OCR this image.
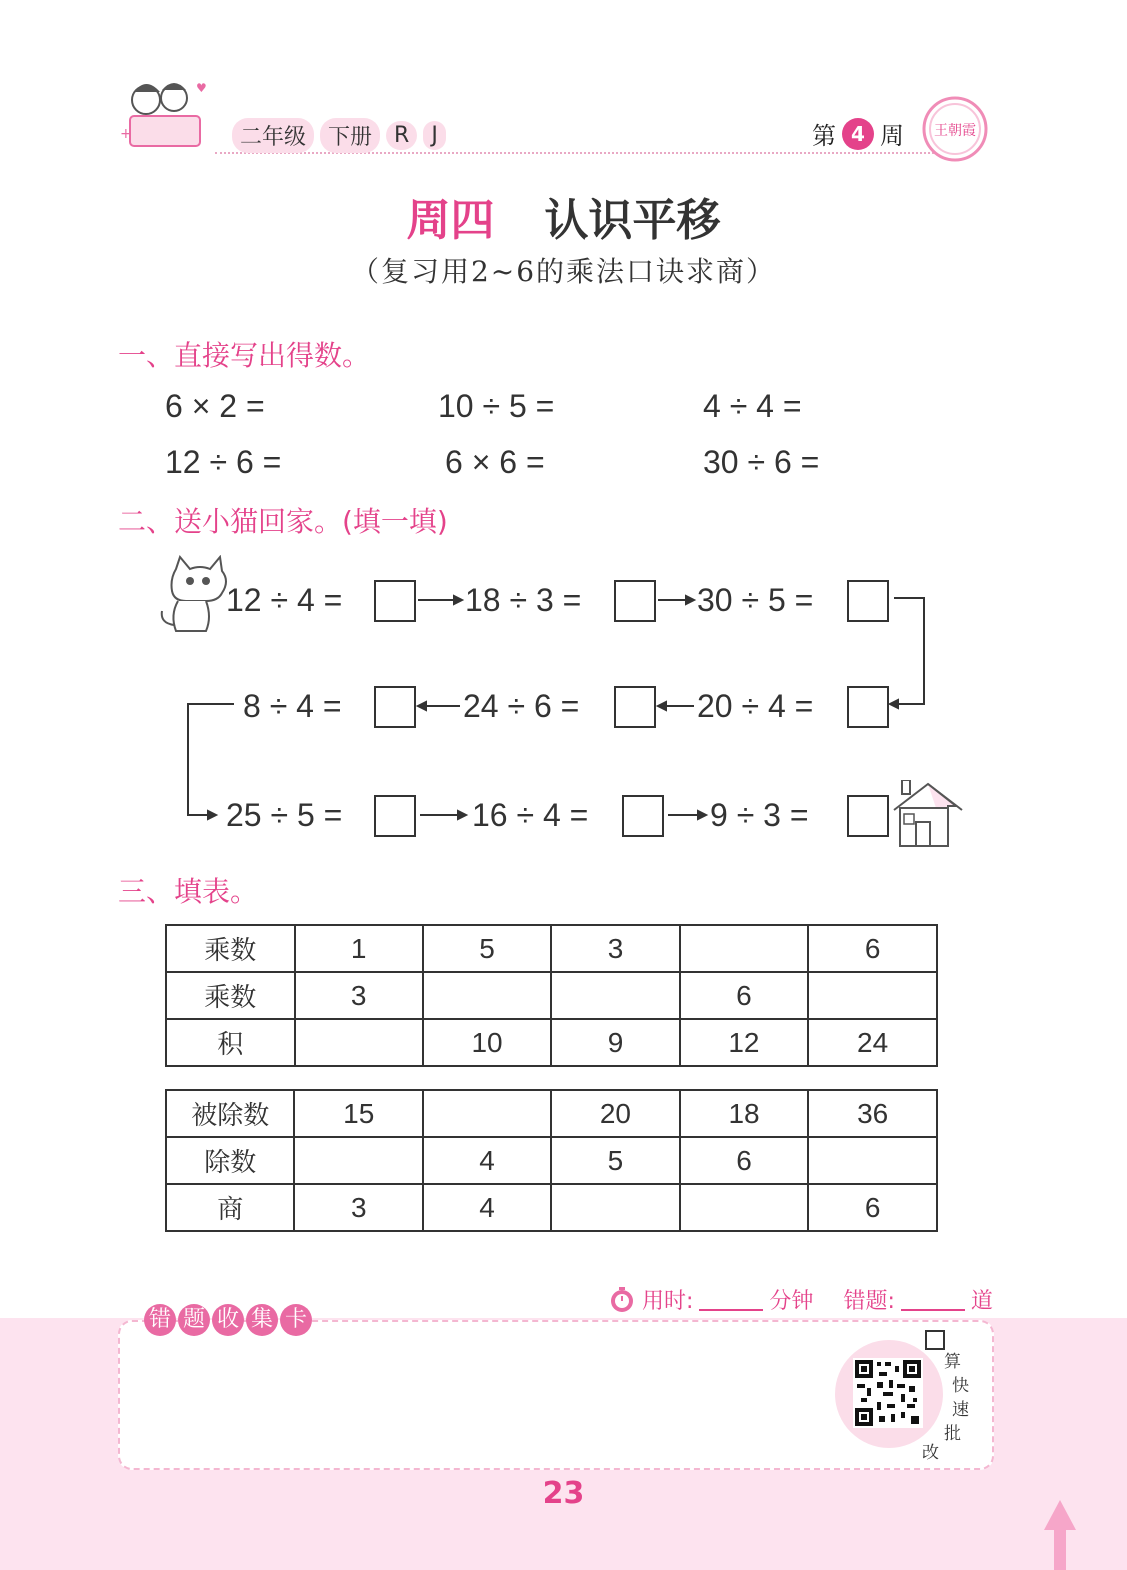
+
♥
二年级	下册	R	J	第 4 周 王朝霞
周四 认识平移
（复习用2~6的乘法口诀求商）
一、直接写出得数。
6 × 2 =	10 ÷ 5 =	4 ÷ 4 =
12 ÷ 6 =	6 × 6 =	30 ÷ 6 =
二、送小猫回家。(填一填)
12 ÷ 4 =	18 ÷ 3 =	30 ÷ 5 =
8 ÷ 4 =	24 ÷ 6 =	20 ÷ 4 =
25 ÷ 5 =	16 ÷ 4 =	9 ÷ 3 =
三、填表。
乘数	1	5	3		6
乘数	3			6	
积		10	9	12	24
被除数	15		20	18	36
除数		4	5	6	
商	3	4			6
用时:	分钟 错题:	道
错 题 收 集 卡
算
快
速
批
改
23
